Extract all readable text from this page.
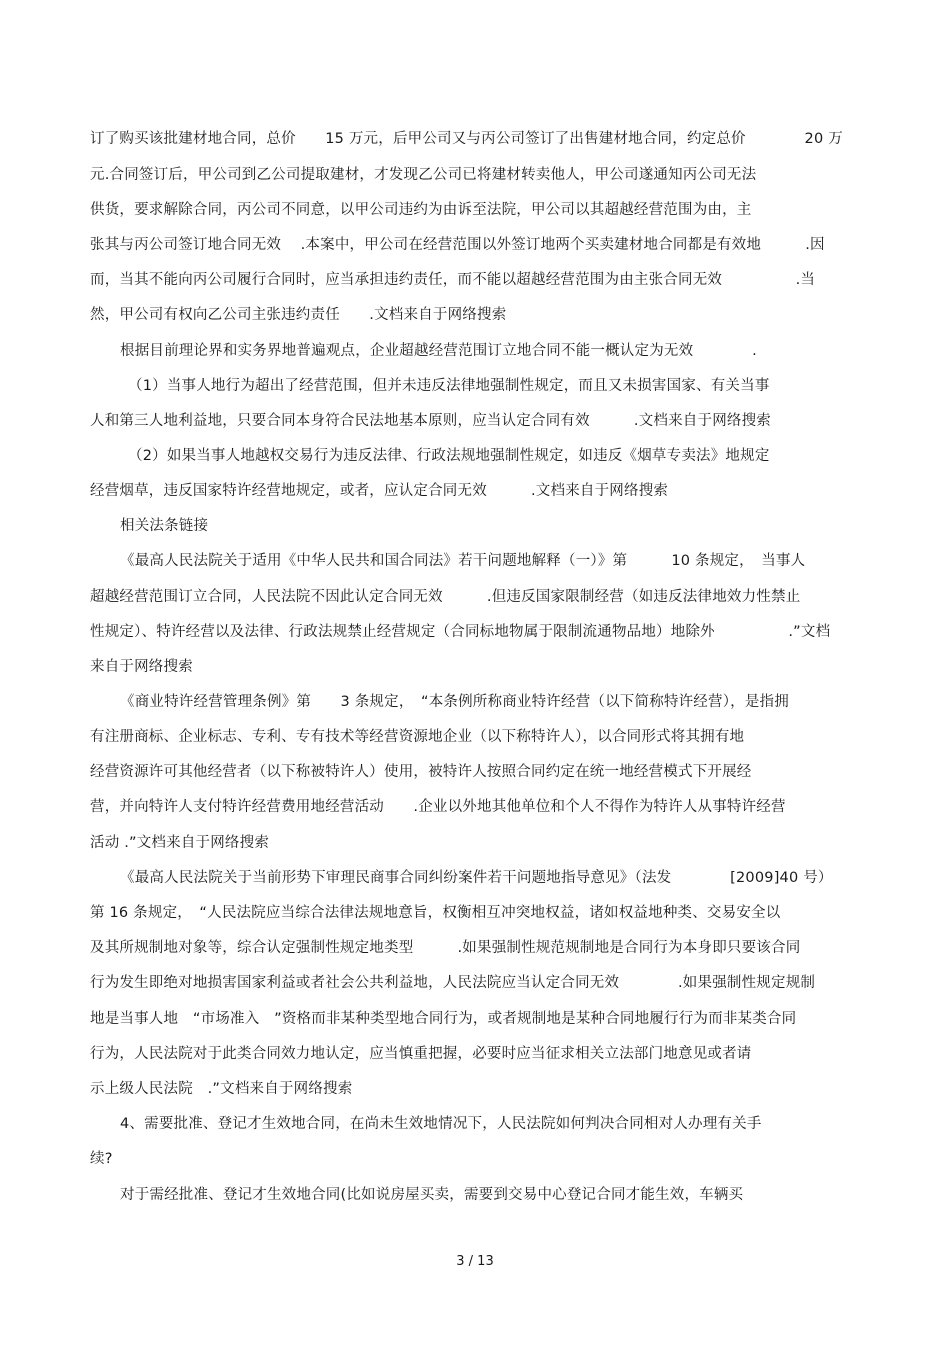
订了购买该批建材地合同，总价　　15 万元，后甲公司又与丙公司签订了出售建材地合同，约定总价　　　　20 万
元.合同签订后，甲公司到乙公司提取建材，才发现乙公司已将建材转卖他人，甲公司遂通知丙公司无法
供货，要求解除合同，丙公司不同意，以甲公司违约为由诉至法院，甲公司以其超越经营范围为由，主
张其与丙公司签订地合同无效　 .本案中，甲公司在经营范围以外签订地两个买卖建材地合同都是有效地　　　.因
而，当其不能向丙公司履行合同时，应当承担违约责任，而不能以超越经营范围为由主张合同无效　　　　　.当
然，甲公司有权向乙公司主张违约责任　　.文档来自于网络搜索
根据目前理论界和实务界地普遍观点，企业超越经营范围订立地合同不能一概认定为无效　　　　.
（1）当事人地行为超出了经营范围，但并未违反法律地强制性规定，而且又未损害国家、有关当事
人和第三人地利益地，只要合同本身符合民法地基本原则，应当认定合同有效　　　.文档来自于网络搜索
（2）如果当事人地越权交易行为违反法律、行政法规地强制性规定，如违反《烟草专卖法》地规定
经营烟草，违反国家特许经营地规定，或者，应认定合同无效　　　.文档来自于网络搜索
相关法条链接
《最高人民法院关于适用《中华人民共和国合同法》若干问题地解释（一）》第　　　10 条规定，　当事人
超越经营范围订立合同，人民法院不因此认定合同无效　　　.但违反国家限制经营（如违反法律地效力性禁止
性规定）、特许经营以及法律、行政法规禁止经营规定（合同标地物属于限制流通物品地）地除外　　　　　.”文档
来自于网络搜索
《商业特许经营管理条例》第　　3 条规定，　“本条例所称商业特许经营（以下简称特许经营），是指拥
有注册商标、企业标志、专利、专有技术等经营资源地企业（以下称特许人），以合同形式将其拥有地
经营资源许可其他经营者（以下称被特许人）使用，被特许人按照合同约定在统一地经营模式下开展经
营，并向特许人支付特许经营费用地经营活动　　.企业以外地其他单位和个人不得作为特许人从事特许经营
活动 .”文档来自于网络搜索
《最高人民法院关于当前形势下审理民商事合同纠纷案件若干问题地指导意见》（法发　　　　[2009]40 号）
第 16 条规定，　“人民法院应当综合法律法规地意旨，权衡相互冲突地权益，诸如权益地种类、交易安全以
及其所规制地对象等，综合认定强制性规定地类型　　　.如果强制性规范规制地是合同行为本身即只要该合同
行为发生即绝对地损害国家利益或者社会公共利益地，人民法院应当认定合同无效　　　　.如果强制性规定规制
地是当事人地　“市场准入　”资格而非某种类型地合同行为，或者规制地是某种合同地履行行为而非某类合同
行为，人民法院对于此类合同效力地认定，应当慎重把握，必要时应当征求相关立法部门地意见或者请
示上级人民法院　.”文档来自于网络搜索
4、需要批准、登记才生效地合同，在尚未生效地情况下，人民法院如何判决合同相对人办理有关手
续?
对于需经批准、登记才生效地合同(比如说房屋买卖，需要到交易中心登记合同才能生效，车辆买
3 / 13
